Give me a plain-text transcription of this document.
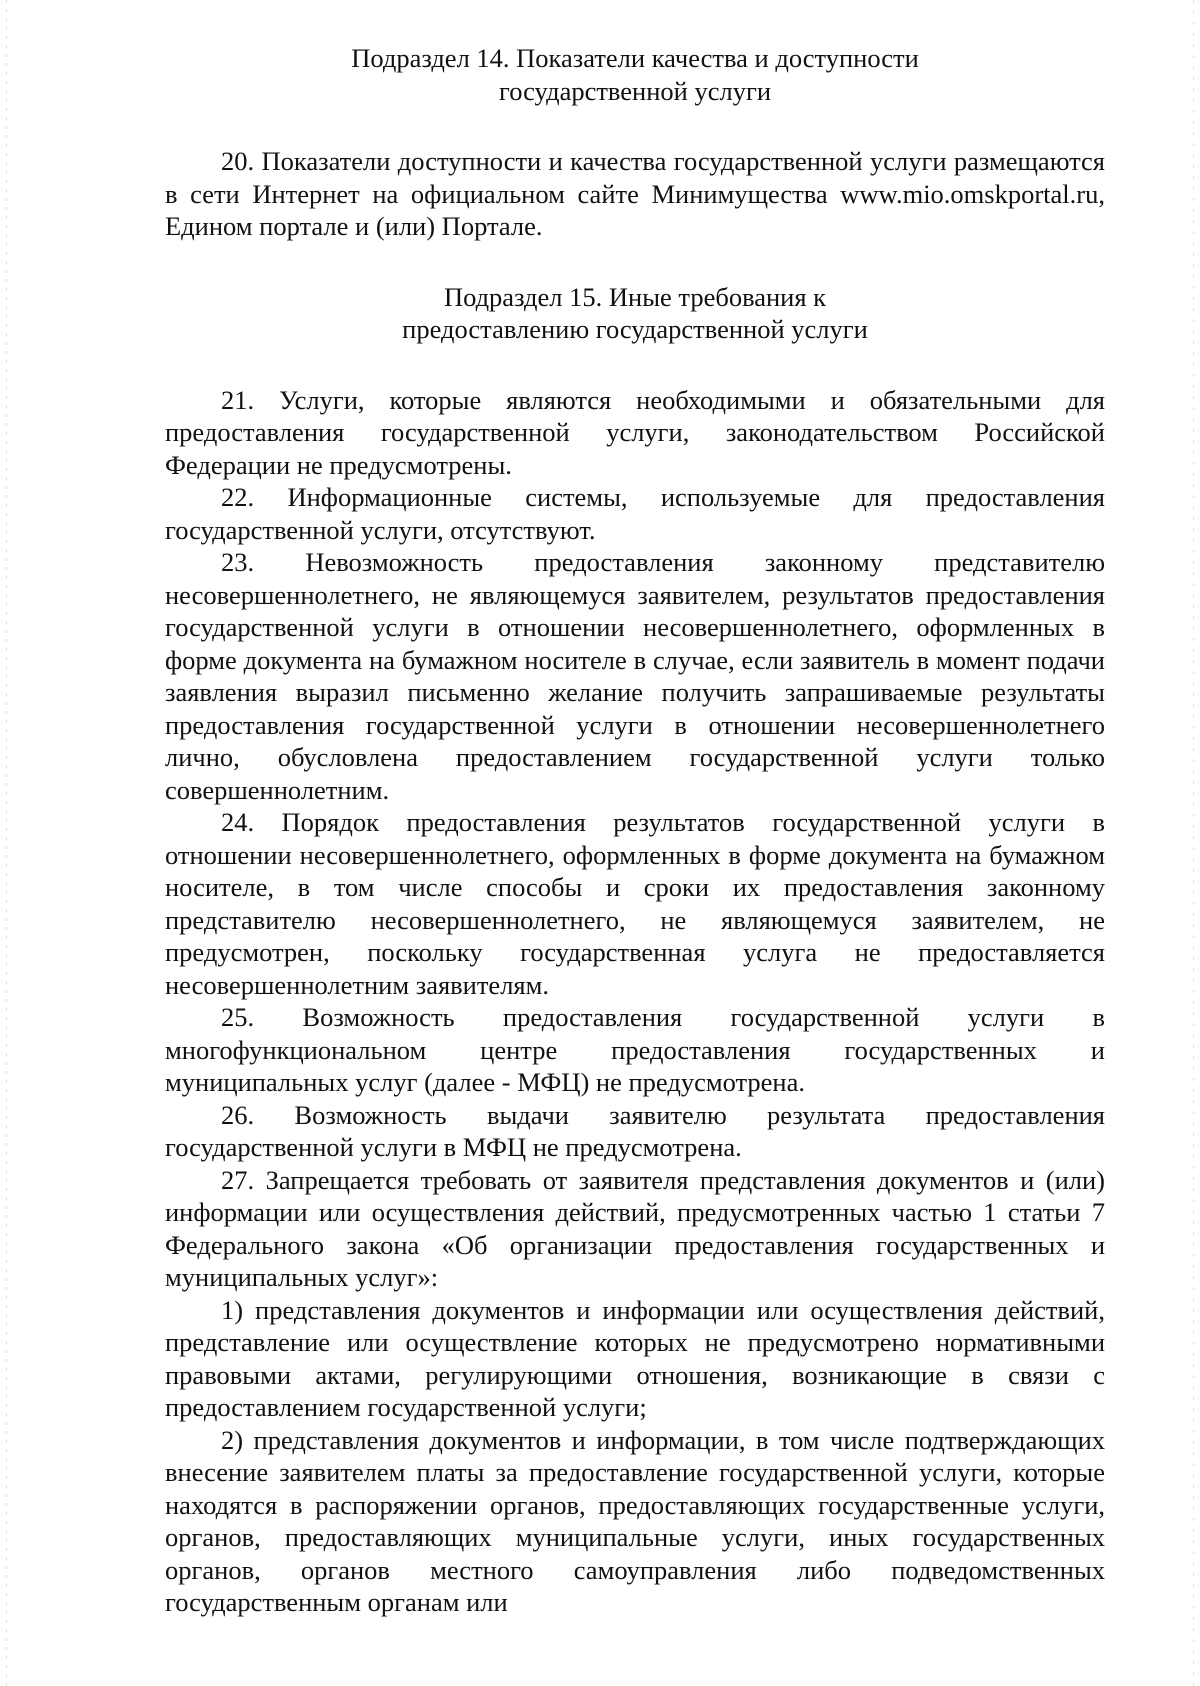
Подраздел 14. Показатели качества и доступности
государственной услуги

20. Показатели доступности и качества государственной услуги размещаются в сети Интернет на официальном сайте Минимущества www.mio.omskportal.ru, Едином портале и (или) Портале.

Подраздел 15. Иные требования к
предоставлению государственной услуги

21. Услуги, которые являются необходимыми и обязательными для предоставления государственной услуги, законодательством Российской Федерации не предусмотрены.

22. Информационные системы, используемые для предоставления государственной услуги, отсутствуют.

23. Невозможность предоставления законному представителю несовершеннолетнего, не являющемуся заявителем, результатов предоставления государственной услуги в отношении несовершеннолетнего, оформленных в форме документа на бумажном носителе в случае, если заявитель в момент подачи заявления выразил письменно желание получить запрашиваемые результаты предоставления государственной услуги в отношении несовершеннолетнего лично, обусловлена предоставлением государственной услуги только совершеннолетним.

24. Порядок предоставления результатов государственной услуги в отношении несовершеннолетнего, оформленных в форме документа на бумажном носителе, в том числе способы и сроки их предоставления законному представителю несовершеннолетнего, не являющемуся заявителем, не предусмотрен, поскольку государственная услуга не предоставляется несовершеннолетним заявителям.

25. Возможность предоставления государственной услуги в многофункциональном центре предоставления государственных и муниципальных услуг (далее - МФЦ) не предусмотрена.

26. Возможность выдачи заявителю результата предоставления государственной услуги в МФЦ не предусмотрена.

27. Запрещается требовать от заявителя представления документов и (или) информации или осуществления действий, предусмотренных частью 1 статьи 7 Федерального закона «Об организации предоставления государственных и муниципальных услуг»:

1) представления документов и информации или осуществления действий, представление или осуществление которых не предусмотрено нормативными правовыми актами, регулирующими отношения, возникающие в связи с предоставлением государственной услуги;

2) представления документов и информации, в том числе подтверждающих внесение заявителем платы за предоставление государственной услуги, которые находятся в распоряжении органов, предоставляющих государственные услуги, органов, предоставляющих муниципальные услуги, иных государственных органов, органов местного самоуправления либо подведомственных государственным органам или
